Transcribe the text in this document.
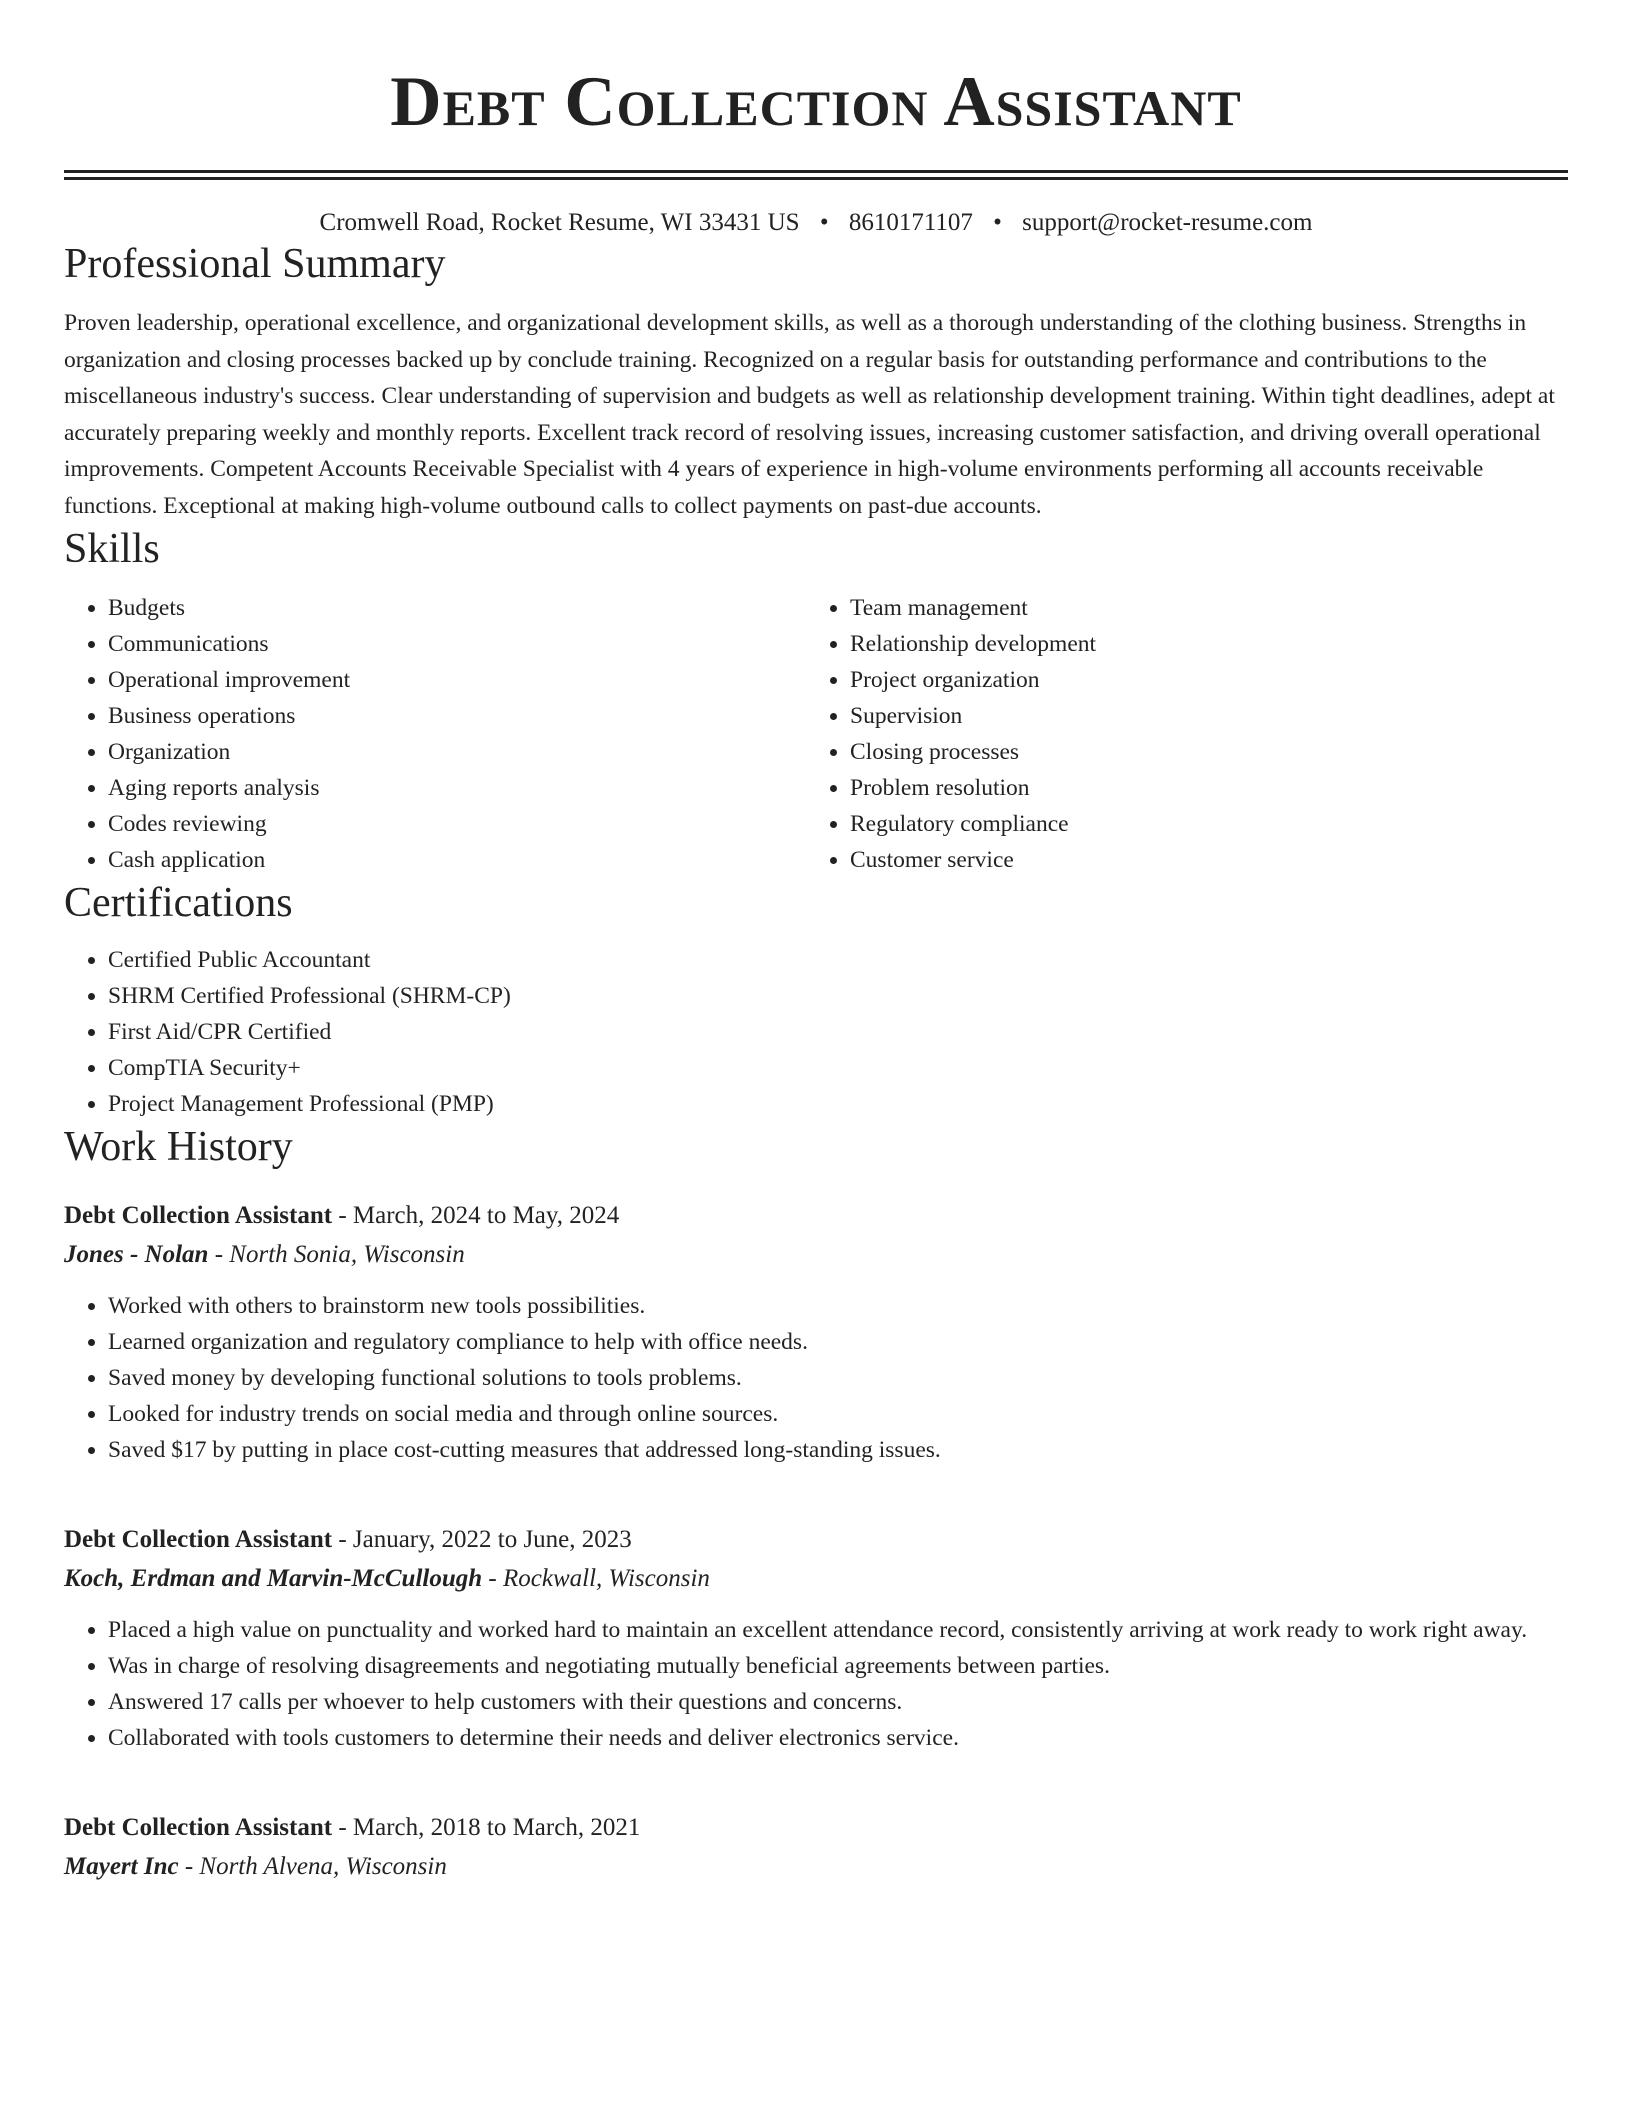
Debt Collection Assistant
Cromwell Road, Rocket Resume, WI 33431 US • 8610171107 • support@rocket-resume.com
Professional Summary

Proven leadership, operational excellence, and organizational development skills, as well as a thorough understanding of the clothing business. Strengths in organization and closing processes backed up by conclude training. Recognized on a regular basis for outstanding performance and contributions to the miscellaneous industry's success. Clear understanding of supervision and budgets as well as relationship development training. Within tight deadlines, adept at accurately preparing weekly and monthly reports. Excellent track record of resolving issues, increasing customer satisfaction, and driving overall operational improvements. Competent Accounts Receivable Specialist with 4 years of experience in high-volume environments performing all accounts receivable functions. Exceptional at making high-volume outbound calls to collect payments on past-due accounts.

Skills
• Budgets
• Communications
• Operational improvement
• Business operations
• Organization
• Aging reports analysis
• Codes reviewing
• Cash application
• Team management
• Relationship development
• Project organization
• Supervision
• Closing processes
• Problem resolution
• Regulatory compliance
• Customer service
Certifications
• Certified Public Accountant
• SHRM Certified Professional (SHRM-CP)
• First Aid/CPR Certified
• CompTIA Security+
• Project Management Professional (PMP)
Work History
Debt Collection Assistant - March, 2024 to May, 2024
Jones - Nolan - North Sonia, Wisconsin
• Worked with others to brainstorm new tools possibilities.
• Learned organization and regulatory compliance to help with office needs.
• Saved money by developing functional solutions to tools problems.
• Looked for industry trends on social media and through online sources.
• Saved $17 by putting in place cost-cutting measures that addressed long-standing issues.
Debt Collection Assistant - January, 2022 to June, 2023
Koch, Erdman and Marvin-McCullough - Rockwall, Wisconsin
• Placed a high value on punctuality and worked hard to maintain an excellent attendance record, consistently arriving at work ready to work right away.
• Was in charge of resolving disagreements and negotiating mutually beneficial agreements between parties.
• Answered 17 calls per whoever to help customers with their questions and concerns.
• Collaborated with tools customers to determine their needs and deliver electronics service.
Debt Collection Assistant - March, 2018 to March, 2021
Mayert Inc - North Alvena, Wisconsin
